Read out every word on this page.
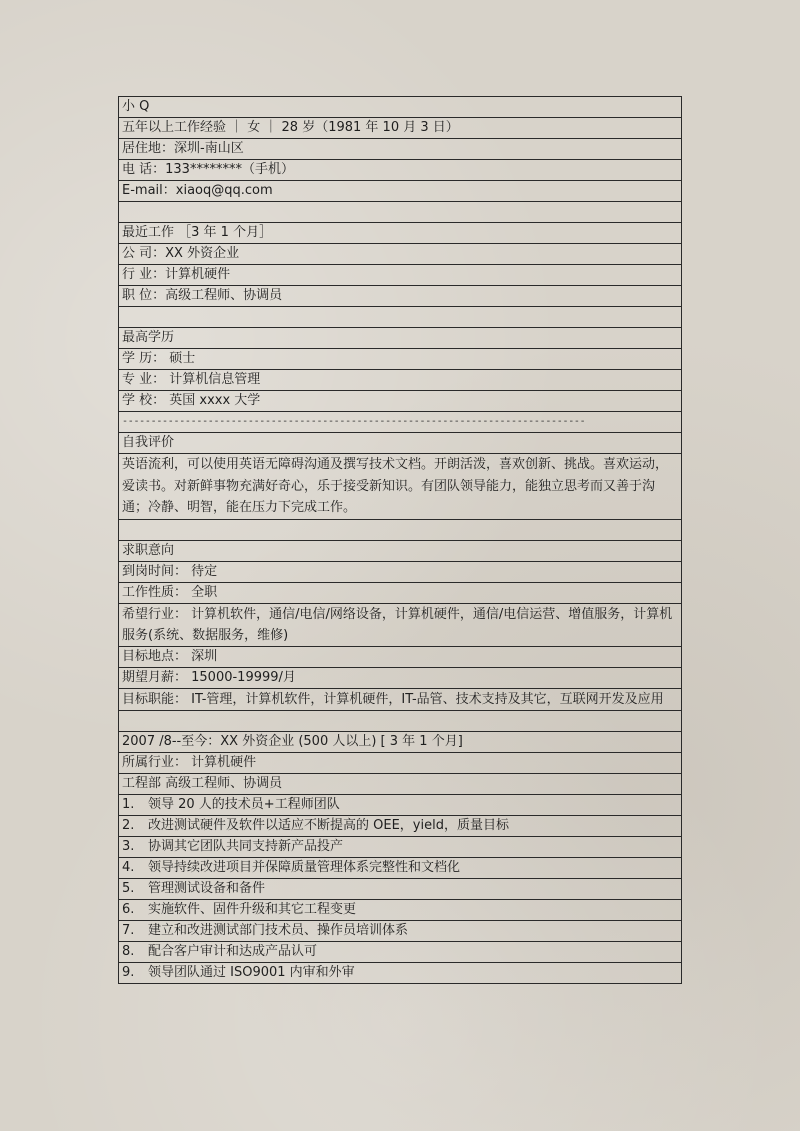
小 Q
五年以上工作经验 ｜ 女 ｜ 28 岁（1981 年 10 月 3 日）
居住地：深圳-南山区
电 话：133********（手机）
E-mail：xiaoq@qq.com

最近工作 ［3 年 1 个月］
公 司：XX 外资企业
行 业：计算机硬件
职 位：高级工程师、协调员

最高学历
学 历： 硕士
专 业： 计算机信息管理
学 校： 英国 xxxx 大学
---------------------------------------------------------------------------------
自我评价
英语流利，可以使用英语无障碍沟通及撰写技术文档。开朗活泼，喜欢创新、挑战。喜欢运动，爱读书。对新鲜事物充满好奇心，乐于接受新知识。有团队领导能力，能独立思考而又善于沟通；冷静、明智，能在压力下完成工作。

求职意向
到岗时间： 待定
工作性质： 全职
希望行业： 计算机软件，通信/电信/网络设备，计算机硬件，通信/电信运营、增值服务，计算机服务(系统、数据服务，维修)
目标地点： 深圳
期望月薪： 15000-19999/月
目标职能： IT-管理，计算机软件，计算机硬件，IT-品管、技术支持及其它，互联网开发及应用

2007 /8--至今：XX 外资企业 (500 人以上) [ 3 年 1 个月]
所属行业： 计算机硬件
工程部 高级工程师、协调员
1. 领导 20 人的技术员+工程师团队
2. 改进测试硬件及软件以适应不断提高的 OEE，yield，质量目标
3. 协调其它团队共同支持新产品投产
4. 领导持续改进项目并保障质量管理体系完整性和文档化
5. 管理测试设备和备件
6. 实施软件、固件升级和其它工程变更
7. 建立和改进测试部门技术员、操作员培训体系
8. 配合客户审计和达成产品认可
9. 领导团队通过 ISO9001 内审和外审
